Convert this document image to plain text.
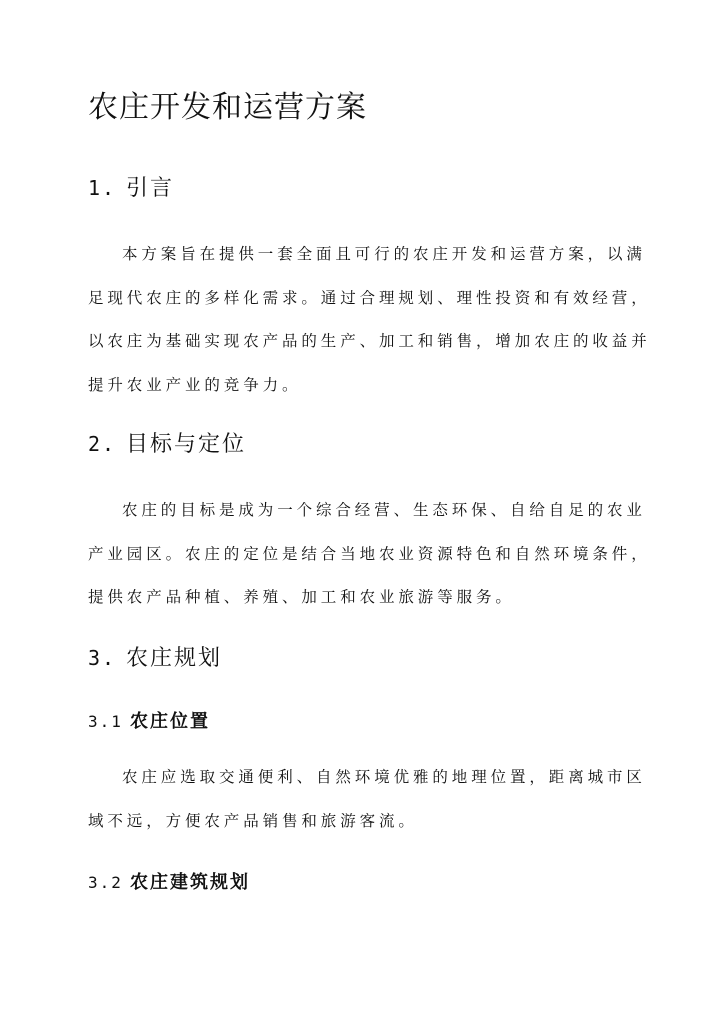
农庄开发和运营方案
1. 引言

本方案旨在提供一套全面且可行的农庄开发和运营方案，以满
足现代农庄的多样化需求。通过合理规划、理性投资和有效经营，
以农庄为基础实现农产品的生产、加工和销售，增加农庄的收益并
提升农业产业的竞争力。

2. 目标与定位

农庄的目标是成为一个综合经营、生态环保、自给自足的农业
产业园区。农庄的定位是结合当地农业资源特色和自然环境条件，
提供农产品种植、养殖、加工和农业旅游等服务。

3. 农庄规划
3.1 农庄位置

农庄应选取交通便利、自然环境优雅的地理位置，距离城市区
域不远，方便农产品销售和旅游客流。

3.2 农庄建筑规划
